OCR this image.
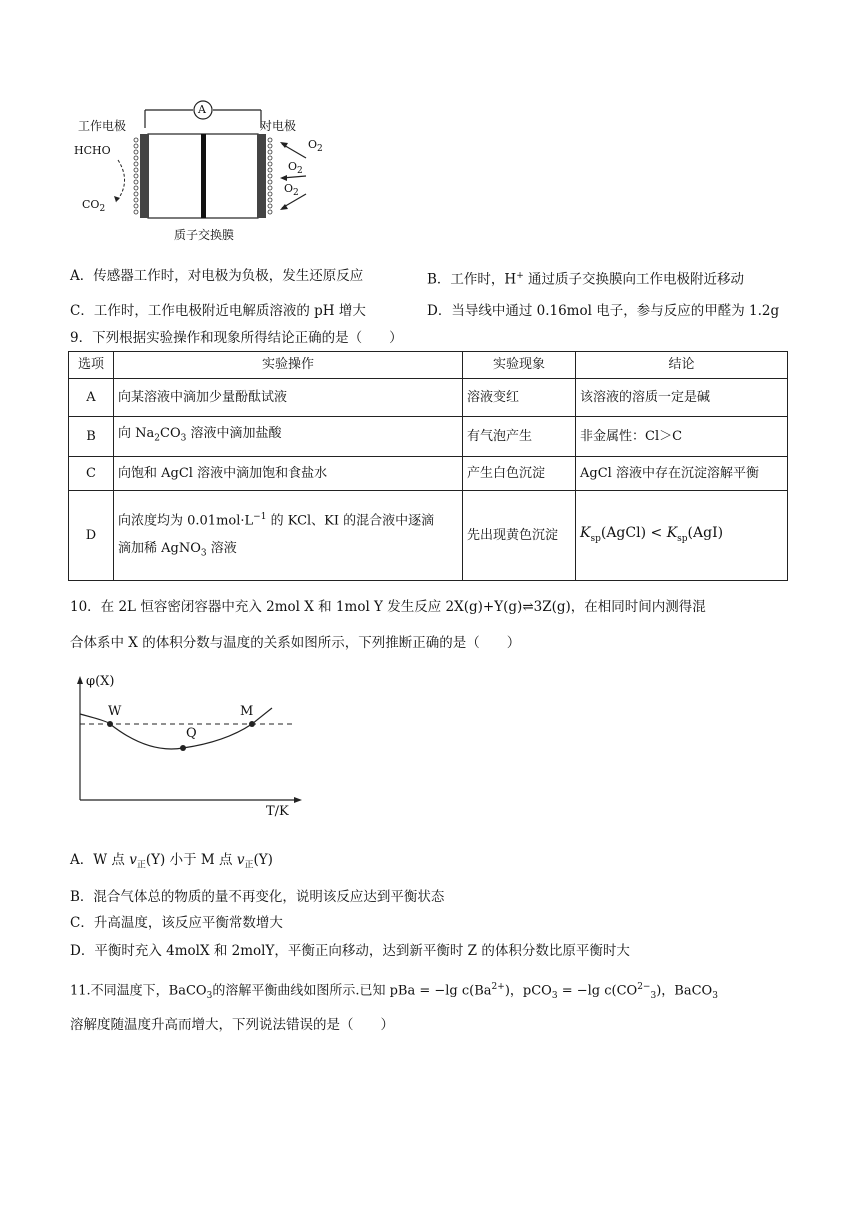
A
工作电极	对电极
HCHO
$CO_2$
$O_2$
$O_2$
$O_2$
质子交换膜
A．传感器工作时，对电极为负极，发生还原反应	B．工作时，H+ 通过质子交换膜向工作电极附近移动
C．工作时，工作电极附近电解质溶液的 pH 增大	D．当导线中通过 0.16mol 电子，参与反应的甲醛为 1.2g
9．下列根据实验操作和现象所得结论正确的是（　　）
选项	实验操作	实验现象	结论
A	向某溶液中滴加少量酚酞试液	溶液变红	该溶液的溶质一定是碱
B	向 $Na_2CO_3$ 溶液中滴加盐酸	有气泡产生	非金属性：Cl＞C
C	向饱和 AgCl 溶液中滴加饱和食盐水	产生白色沉淀	AgCl 溶液中存在沉淀溶解平衡
D	向浓度均为 $0.01mol\cdot L^{-1}$ 的 KCl、KI 的混合液中逐滴
滴加稀 AgNO$_3$ 溶液	先出现黄色沉淀	$K_{sp}(AgCl) < K_{sp}(AgI)$
10．在 2L 恒容密闭容器中充入 2mol X 和 1mol Y 发生反应 2X(g)+Y(g)⇌3Z(g)，在相同时间内测得混
合体系中 X 的体积分数与温度的关系如图所示，下列推断正确的是（　　）
φ(X)
T/K
W
Q
M
A．W 点 $v_正(Y)$ 小于 M 点 $v_正(Y)$
B．混合气体总的物质的量不再变化，说明该反应达到平衡状态
C．升高温度，该反应平衡常数增大
D．平衡时充入 4molX 和 2molY，平衡正向移动，达到新平衡时 Z 的体积分数比原平衡时大
11.不同温度下，BaCO$_3$的溶解平衡曲线如图所示.已知 pBa = −lg $c(Ba^{2+})$，pCO$_3$ = −lg $c(CO^{2-}_3)$，BaCO$_3$
溶解度随温度升高而增大，下列说法错误的是（　　）
